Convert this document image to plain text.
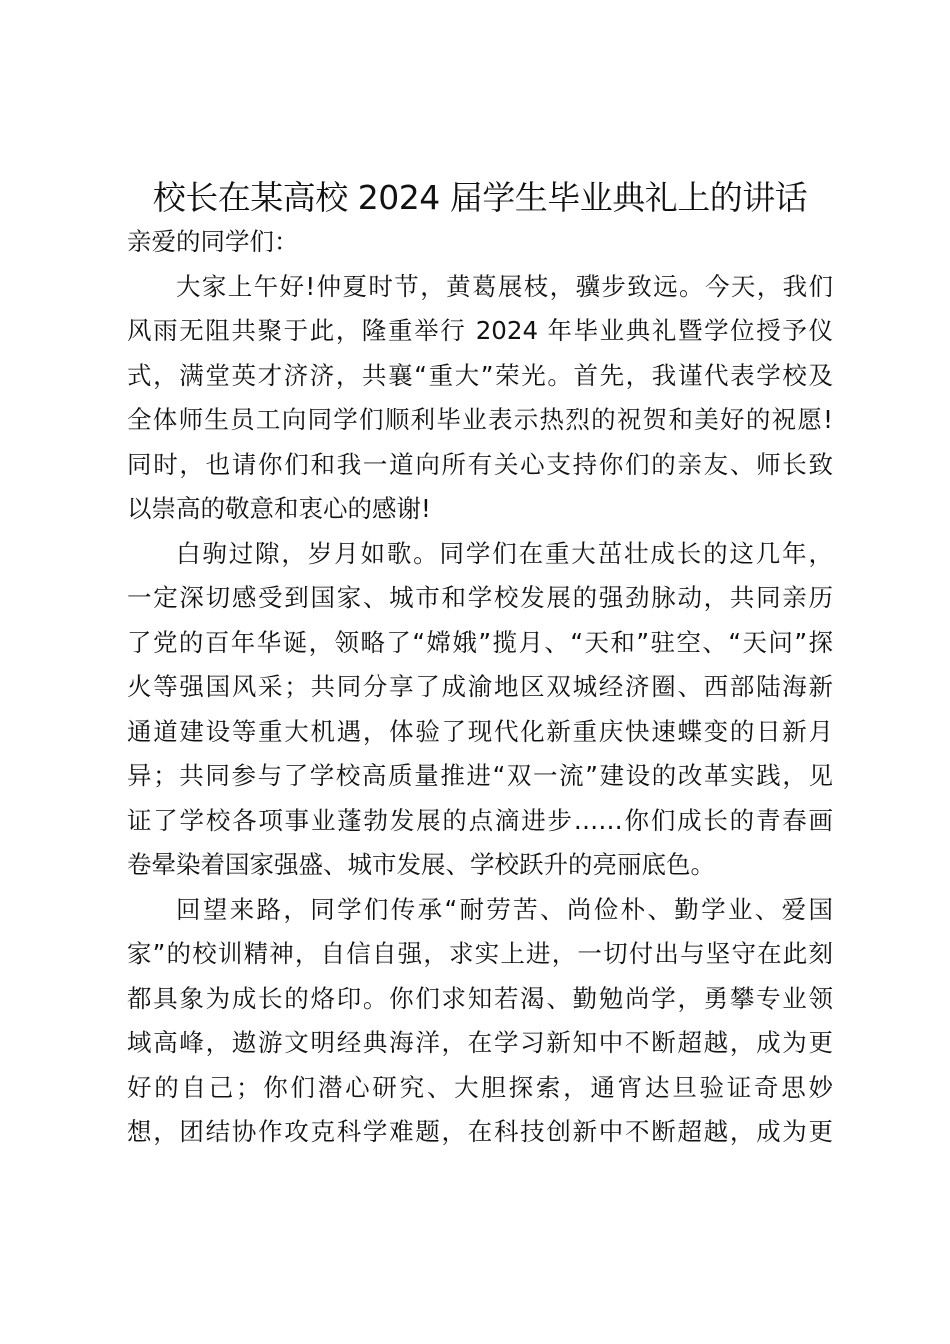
校长在某高校 2024 届学生毕业典礼上的讲话

亲爱的同学们：

大家上午好!仲夏时节，黄葛展枝，骥步致远。今天，我们
风雨无阻共聚于此，隆重举行 2024 年毕业典礼暨学位授予仪
式，满堂英才济济，共襄“重大”荣光。首先，我谨代表学校及
全体师生员工向同学们顺利毕业表示热烈的祝贺和美好的祝愿!
同时，也请你们和我一道向所有关心支持你们的亲友、师长致
以崇高的敬意和衷心的感谢!
白驹过隙，岁月如歌。同学们在重大茁壮成长的这几年，
一定深切感受到国家、城市和学校发展的强劲脉动，共同亲历
了党的百年华诞，领略了“嫦娥”揽月、“天和”驻空、“天问”探
火等强国风采；共同分享了成渝地区双城经济圈、西部陆海新
通道建设等重大机遇，体验了现代化新重庆快速蝶变的日新月
异；共同参与了学校高质量推进“双一流”建设的改革实践，见
证了学校各项事业蓬勃发展的点滴进步……你们成长的青春画
卷晕染着国家强盛、城市发展、学校跃升的亮丽底色。
回望来路，同学们传承“耐劳苦、尚俭朴、勤学业、爱国
家”的校训精神，自信自强，求实上进，一切付出与坚守在此刻
都具象为成长的烙印。你们求知若渴、勤勉尚学，勇攀专业领
域高峰，遨游文明经典海洋，在学习新知中不断超越，成为更
好的自己；你们潜心研究、大胆探索，通宵达旦验证奇思妙
想，团结协作攻克科学难题，在科技创新中不断超越，成为更
